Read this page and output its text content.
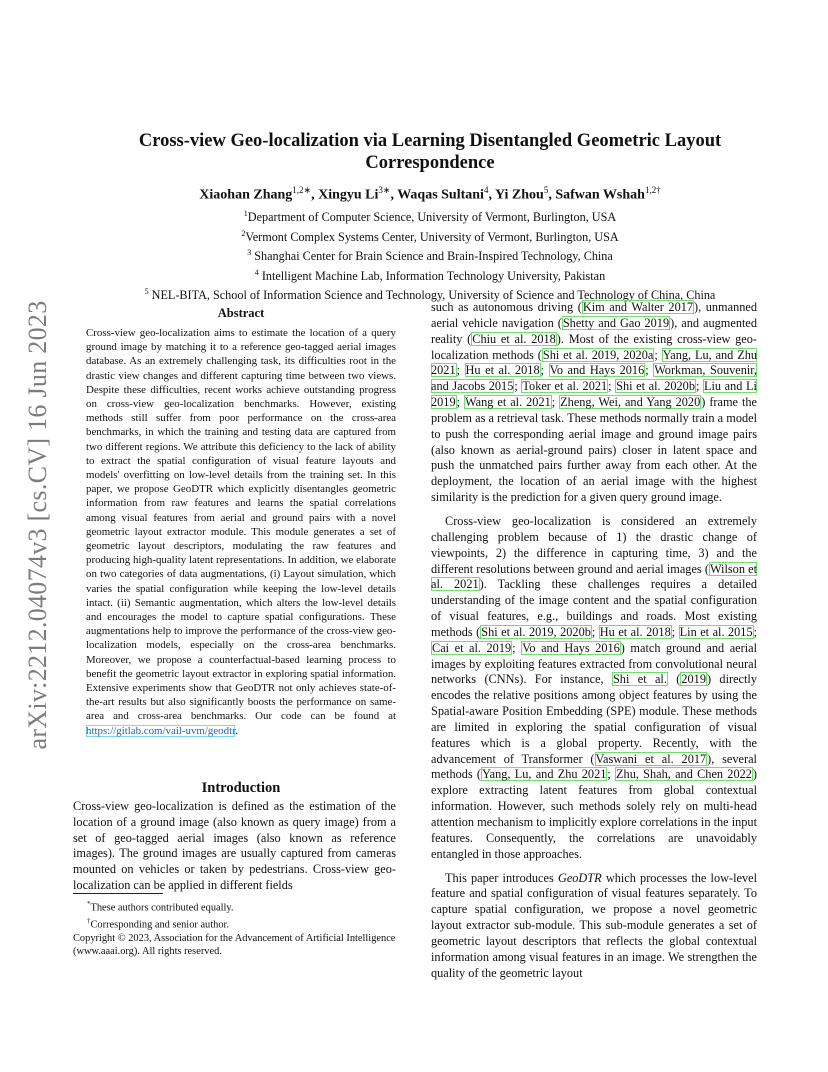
arXiv:2212.04074v3 [cs.CV] 16 Jun 2023
Cross-view Geo-localization via Learning Disentangled Geometric Layout Correspondence
Xiaohan Zhang$^{1,2∗}$, Xingyu $Li^{3∗}$, Waqas Sultani$^4$, Yi Zhou$^5$, Safwan Wshah$^{1,2\dagger}$
$^1$Department of Computer Science, University of Vermont, Burlington, USA
$^2$Vermont Complex Systems Center, University of Vermont, Burlington, USA
$^3$ Shanghai Center for Brain Science and Brain-Inspired Technology, China
$^4$ Intelligent Machine Lab, Information Technology University, Pakistan
$^5$ NEL-BITA, School of Information Science and Technology, University of Science and Technology of China, China
Abstract
Cross-view geo-localization aims to estimate the location of a query ground image by matching it to a reference geo-tagged aerial images database. As an extremely challenging task, its difficulties root in the drastic view changes and different capturing time between two views. Despite these difficulties, recent works achieve outstanding progress on cross-view geo-localization benchmarks. However, existing methods still suffer from poor performance on the cross-area benchmarks, in which the training and testing data are captured from two different regions. We attribute this deficiency to the lack of ability to extract the spatial configuration of visual feature layouts and models' overfitting on low-level details from the training set. In this paper, we propose GeoDTR which explicitly disentangles geometric information from raw features and learns the spatial correlations among visual features from aerial and ground pairs with a novel geometric layout extractor module. This module generates a set of geometric layout descriptors, modulating the raw features and producing high-quality latent representations. In addition, we elaborate on two categories of data augmentations, (i) Layout simulation, which varies the spatial configuration while keeping the low-level details intact. (ii) Semantic augmentation, which alters the low-level details and encourages the model to capture spatial configurations. These augmentations help to improve the performance of the cross-view geo-localization models, especially on the cross-area benchmarks. Moreover, we propose a counterfactual-based learning process to benefit the geometric layout extractor in exploring spatial information. Extensive experiments show that GeoDTR not only achieves state-of-the-art results but also significantly boosts the performance on same-area and cross-area benchmarks. Our code can be found at https://gitlab.com/vail-uvm/geodtr.
Introduction
Cross-view geo-localization is defined as the estimation of the location of a ground image (also known as query image) from a set of geo-tagged aerial images (also known as reference images). The ground images are usually captured from cameras mounted on vehicles or taken by pedestrians. Cross-view geo-localization can be applied in different fields
*These authors contributed equally.
†Corresponding and senior author.
Copyright © 2023, Association for the Advancement of Artificial Intelligence (www.aaai.org). All rights reserved.

such as autonomous driving (Kim and Walter 2017), unmanned aerial vehicle navigation (Shetty and Gao 2019), and augmented reality (Chiu et al. 2018). Most of the existing cross-view geo-localization methods (Shi et al. 2019, 2020a; Yang, Lu, and Zhu 2021; Hu et al. 2018; Vo and Hays 2016; Workman, Souvenir, and Jacobs 2015; Toker et al. 2021; Shi et al. 2020b; Liu and Li 2019; Wang et al. 2021; Zheng, Wei, and Yang 2020) frame the problem as a retrieval task. These methods normally train a model to push the corresponding aerial image and ground image pairs (also known as aerial-ground pairs) closer in latent space and push the unmatched pairs further away from each other. At the deployment, the location of an aerial image with the highest similarity is the prediction for a given query ground image.

Cross-view geo-localization is considered an extremely challenging problem because of 1) the drastic change of viewpoints, 2) the difference in capturing time, 3) and the different resolutions between ground and aerial images (Wilson et al. 2021). Tackling these challenges requires a detailed understanding of the image content and the spatial configuration of visual features, e.g., buildings and roads. Most existing methods (Shi et al. 2019, 2020b; Hu et al. 2018; Lin et al. 2015; Cai et al. 2019; Vo and Hays 2016) match ground and aerial images by exploiting features extracted from convolutional neural networks (CNNs). For instance, Shi et al. (2019) directly encodes the relative positions among object features by using the Spatial-aware Position Embedding (SPE) module. These methods are limited in exploring the spatial configuration of visual features which is a global property. Recently, with the advancement of Transformer (Vaswani et al. 2017), several methods (Yang, Lu, and Zhu 2021; Zhu, Shah, and Chen 2022) explore extracting latent features from global contextual information. However, such methods solely rely on multi-head attention mechanism to implicitly explore correlations in the input features. Consequently, the correlations are unavoidably entangled in those approaches.

This paper introduces GeoDTR which processes the low-level feature and spatial configuration of visual features separately. To capture spatial configuration, we propose a novel geometric layout extractor sub-module. This sub-module generates a set of geometric layout descriptors that reflects the global contextual information among visual features in an image. We strengthen the quality of the geometric layout
